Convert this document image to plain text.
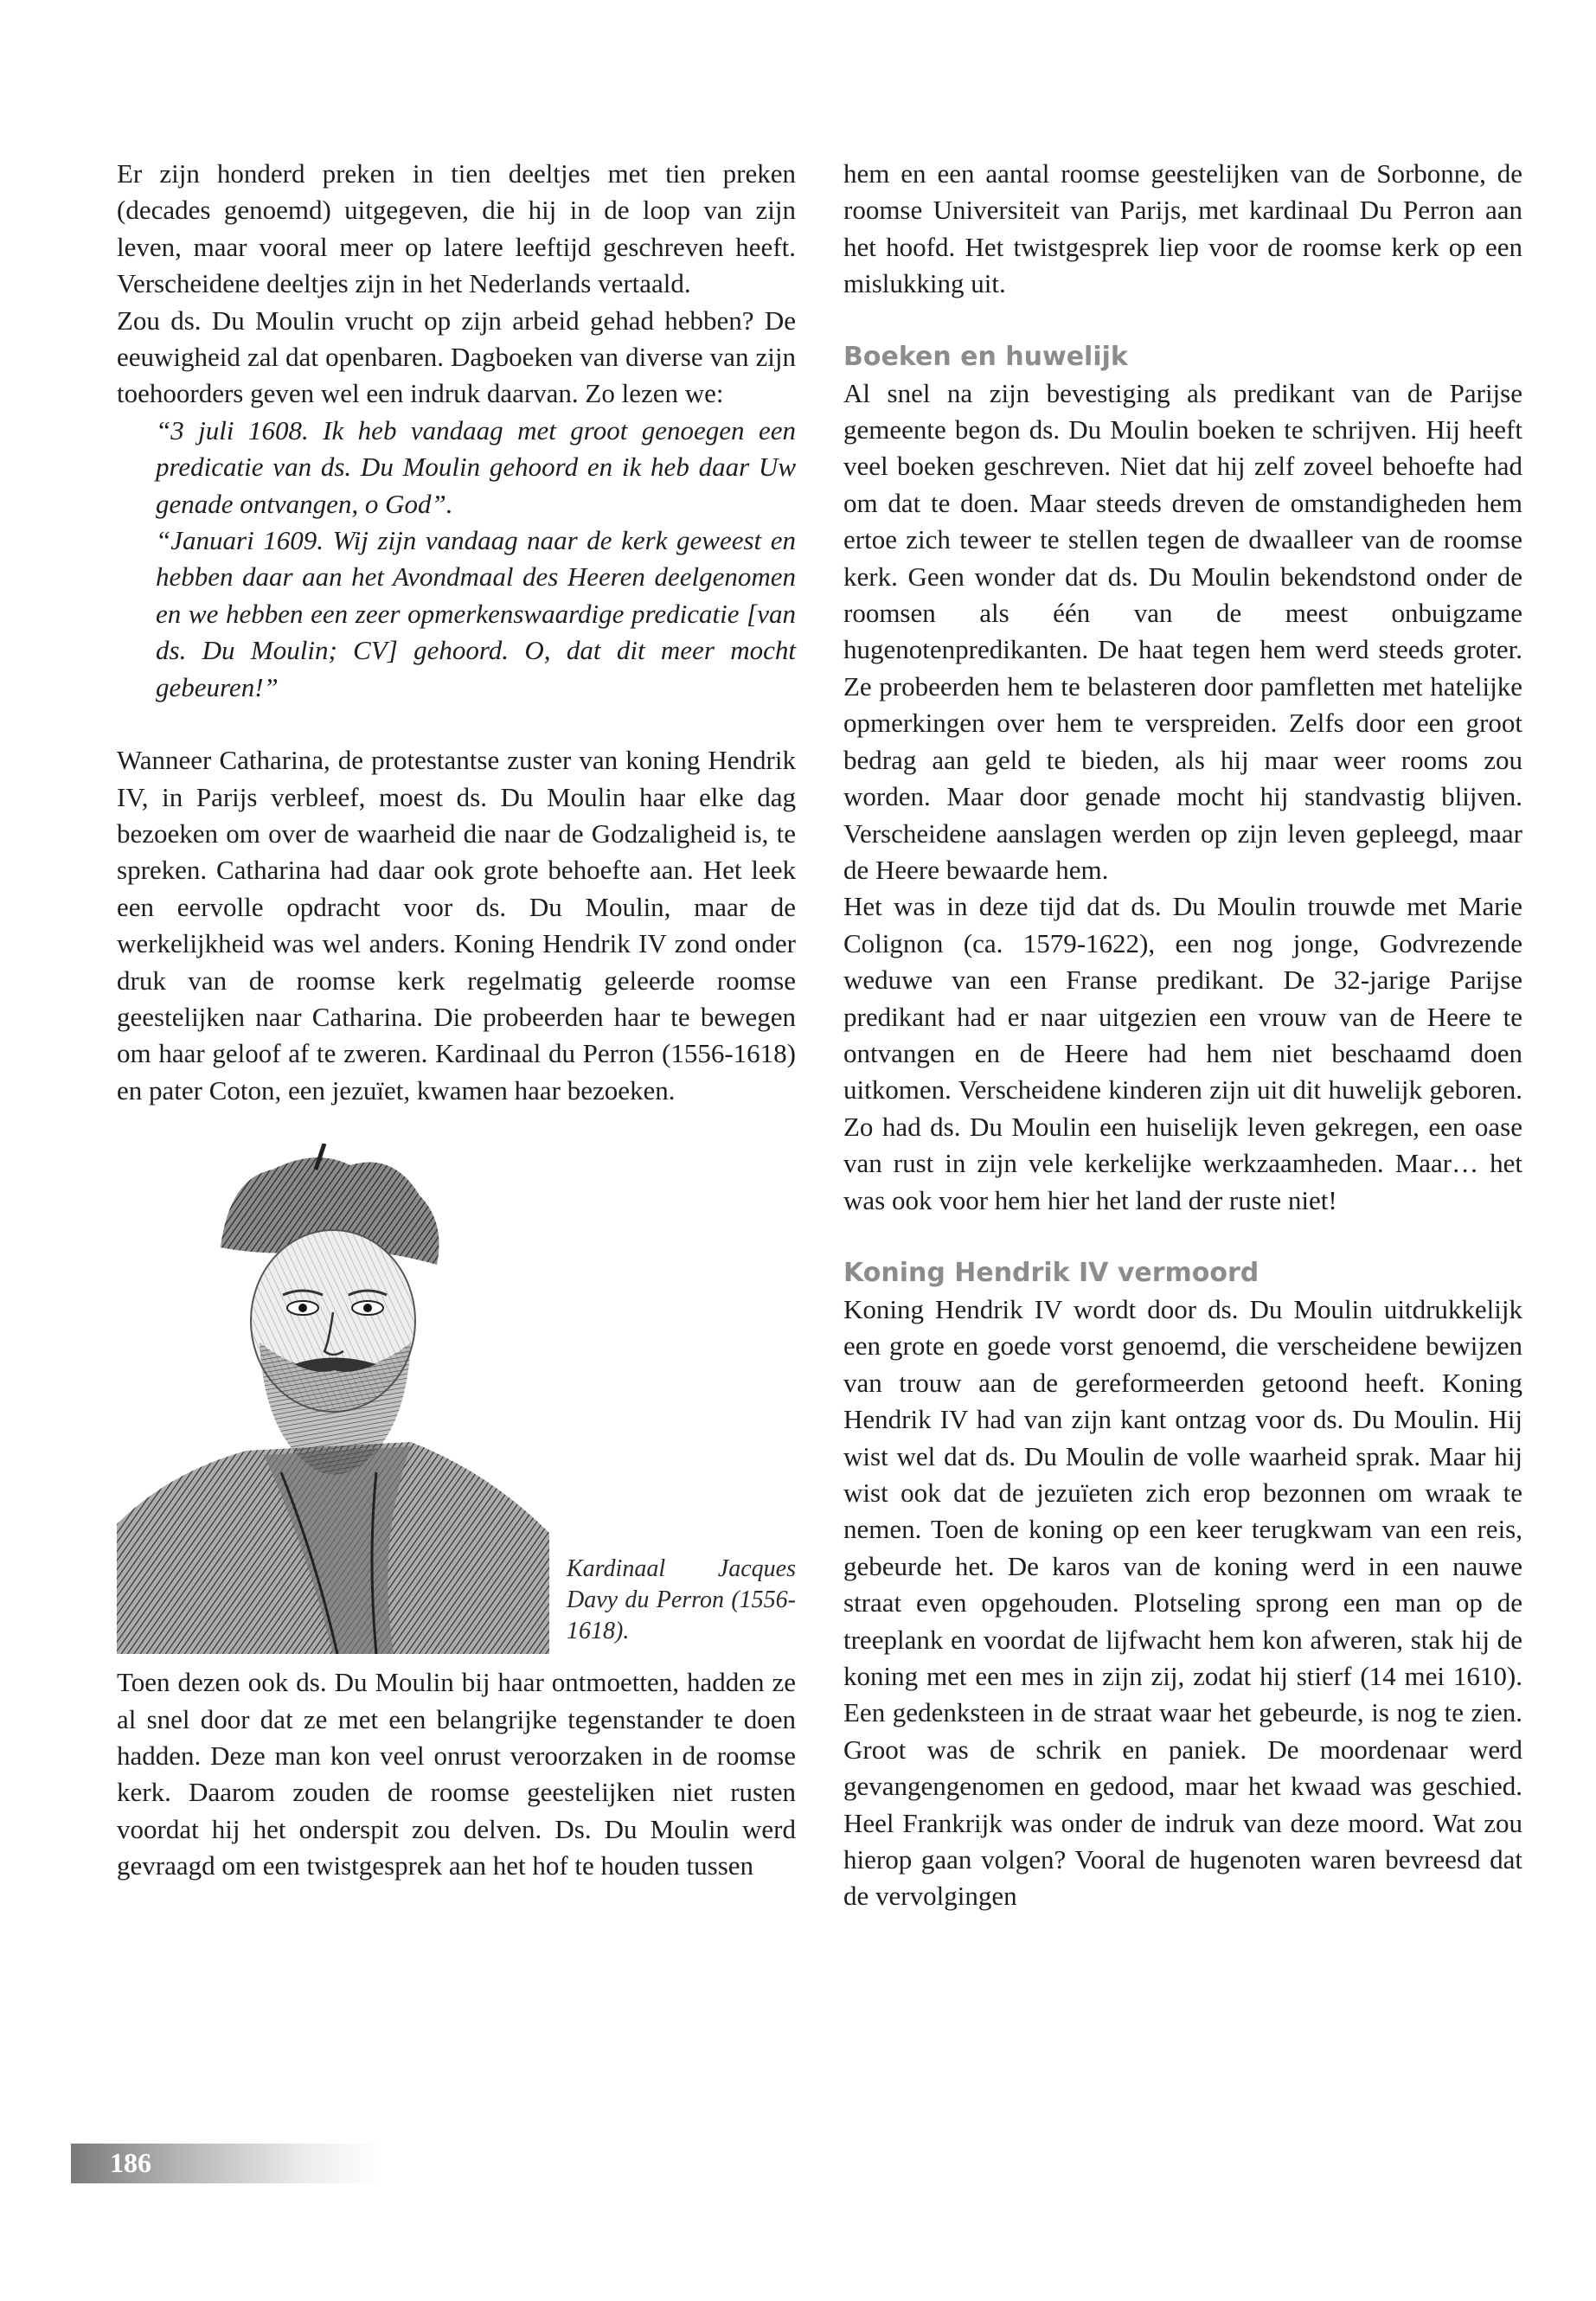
Er zijn honderd preken in tien deeltjes met tien preken (decades genoemd) uitgegeven, die hij in de loop van zijn leven, maar vooral meer op latere leeftijd geschreven heeft. Verscheidene deeltjes zijn in het Nederlands vertaald.

Zou ds. Du Moulin vrucht op zijn arbeid gehad hebben? De eeuwigheid zal dat openbaren. Dagboeken van diverse van zijn toehoorders geven wel een indruk daarvan. Zo lezen we:

“3 juli 1608. Ik heb vandaag met groot genoegen een predicatie van ds. Du Moulin gehoord en ik heb daar Uw genade ontvangen, o God”.

“Januari 1609. Wij zijn vandaag naar de kerk geweest en hebben daar aan het Avondmaal des Heeren deelgenomen en we hebben een zeer opmerkenswaardige predicatie [van ds. Du Moulin; CV] gehoord. O, dat dit meer mocht gebeuren!”

Wanneer Catharina, de protestantse zuster van koning Hendrik IV, in Parijs verbleef, moest ds. Du Moulin haar elke dag bezoeken om over de waarheid die naar de Godzaligheid is, te spreken. Catharina had daar ook grote behoefte aan. Het leek een eervolle opdracht voor ds. Du Moulin, maar de werkelijkheid was wel anders. Koning Hendrik IV zond onder druk van de roomse kerk regelmatig geleerde roomse geestelijken naar Catharina. Die probeerden haar te bewegen om haar geloof af te zweren. Kardinaal du Perron (1556-1618) en pater Coton, een jezuïet, kwamen haar bezoeken.

Kardinaal Jacques Davy du Perron (1556-1618).

Toen dezen ook ds. Du Moulin bij haar ontmoetten, hadden ze al snel door dat ze met een belangrijke tegenstander te doen hadden. Deze man kon veel onrust veroorzaken in de roomse kerk. Daarom zouden de roomse geestelijken niet rusten voordat hij het onderspit zou delven. Ds. Du Moulin werd gevraagd om een twistgesprek aan het hof te houden tussen

hem en een aantal roomse geestelijken van de Sorbonne, de roomse Universiteit van Parijs, met kardinaal Du Perron aan het hoofd. Het twistgesprek liep voor de roomse kerk op een mislukking uit.

Boeken en huwelijk

Al snel na zijn bevestiging als predikant van de Parijse gemeente begon ds. Du Moulin boeken te schrijven. Hij heeft veel boeken geschreven. Niet dat hij zelf zoveel behoefte had om dat te doen. Maar steeds dreven de omstandigheden hem ertoe zich teweer te stellen tegen de dwaalleer van de roomse kerk. Geen wonder dat ds. Du Moulin bekendstond onder de roomsen als één van de meest onbuigzame hugenotenpredikanten. De haat tegen hem werd steeds groter. Ze probeerden hem te belasteren door pamfletten met hatelijke opmerkingen over hem te verspreiden. Zelfs door een groot bedrag aan geld te bieden, als hij maar weer rooms zou worden. Maar door genade mocht hij standvastig blijven. Verscheidene aanslagen werden op zijn leven gepleegd, maar de Heere bewaarde hem.

Het was in deze tijd dat ds. Du Moulin trouwde met Marie Colignon (ca. 1579-1622), een nog jonge, Godvrezende weduwe van een Franse predikant. De 32-jarige Parijse predikant had er naar uitgezien een vrouw van de Heere te ontvangen en de Heere had hem niet beschaamd doen uitkomen. Verscheidene kinderen zijn uit dit huwelijk geboren. Zo had ds. Du Moulin een huiselijk leven gekregen, een oase van rust in zijn vele kerkelijke werkzaamheden. Maar… het was ook voor hem hier het land der ruste niet!

Koning Hendrik IV vermoord

Koning Hendrik IV wordt door ds. Du Moulin uitdrukkelijk een grote en goede vorst genoemd, die verscheidene bewijzen van trouw aan de gereformeerden getoond heeft. Koning Hendrik IV had van zijn kant ontzag voor ds. Du Moulin. Hij wist wel dat ds. Du Moulin de volle waarheid sprak. Maar hij wist ook dat de jezuïeten zich erop bezonnen om wraak te nemen. Toen de koning op een keer terugkwam van een reis, gebeurde het. De karos van de koning werd in een nauwe straat even opgehouden. Plotseling sprong een man op de treeplank en voordat de lijfwacht hem kon afweren, stak hij de koning met een mes in zijn zij, zodat hij stierf (14 mei 1610). Een gedenksteen in de straat waar het gebeurde, is nog te zien. Groot was de schrik en paniek. De moordenaar werd gevangengenomen en gedood, maar het kwaad was geschied. Heel Frankrijk was onder de indruk van deze moord. Wat zou hierop gaan volgen? Vooral de hugenoten waren bevreesd dat de vervolgingen

186
